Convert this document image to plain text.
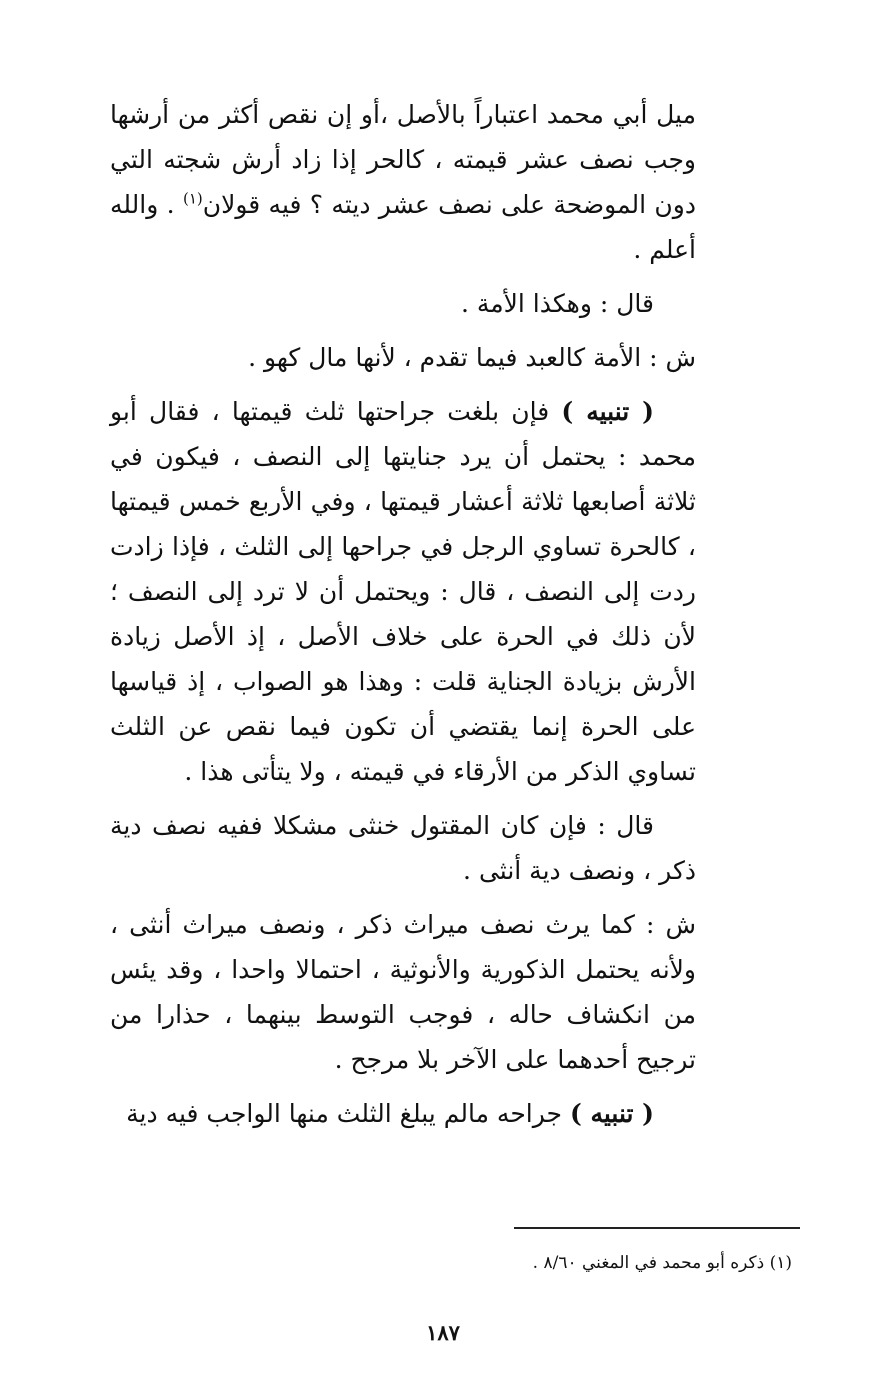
ميل أبي محمد اعتباراً بالأصل ،أو إن نقص أكثر من أرشها وجب نصف عشر قيمته ، كالحر إذا زاد أرش شجته التي دون الموضحة على نصف عشر ديته ؟ فيه قولان$^{(١)}$ . والله أعلم .

قال : وهكذا الأمة .

ش : الأمة كالعبد فيما تقدم ، لأنها مال كهو .

( تنبيه ) فإن بلغت جراحتها ثلث قيمتها ، فقال أبو محمد : يحتمل أن يرد جنايتها إلى النصف ، فيكون في ثلاثة أصابعها ثلاثة أعشار قيمتها ، وفي الأربع خمس قيمتها ، كالحرة تساوي الرجل في جراحها إلى الثلث ، فإذا زادت ردت إلى النصف ، قال : ويحتمل أن لا ترد إلى النصف ؛ لأن ذلك في الحرة على خلاف الأصل ، إذ الأصل زيادة الأرش بزيادة الجناية قلت : وهذا هو الصواب ، إذ قياسها على الحرة إنما يقتضي أن تكون فيما نقص عن الثلث تساوي الذكر من الأرقاء في قيمته ، ولا يتأتى هذا .

قال : فإن كان المقتول خنثى مشكلا ففيه نصف دية ذكر ، ونصف دية أنثى .

ش : كما يرث نصف ميراث ذكر ، ونصف ميراث أنثى ، ولأنه يحتمل الذكورية والأنوثية ، احتمالا واحدا ، وقد يئس من انكشاف حاله ، فوجب التوسط بينهما ، حذارا من ترجيح أحدهما على الآخر بلا مرجح .

( تنبيه ) جراحه مالم يبلغ الثلث منها الواجب فيه دية

(١) ذكره أبو محمد في المغني ٨/٦٠ .
١٨٧
